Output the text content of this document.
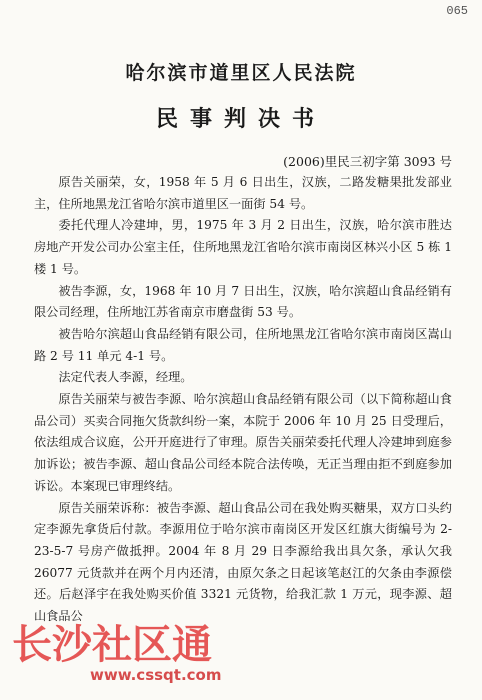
065
哈尔滨市道里区人民法院
民事判决书
(2006)里民三初字第 3093 号

原告关丽荣，女，1958 年 5 月 6 日出生，汉族，二路发糖果批发部业主，住所地黑龙江省哈尔滨市道里区一面街 54 号。

委托代理人冷建坤，男，1975 年 3 月 2 日出生，汉族，哈尔滨市胜达房地产开发公司办公室主任，住所地黑龙江省哈尔滨市南岗区林兴小区 5 栋 1 楼 1 号。

被告李源，女，1968 年 10 月 7 日出生，汉族，哈尔滨超山食品经销有限公司经理，住所地江苏省南京市磨盘街 53 号。

被告哈尔滨超山食品经销有限公司，住所地黑龙江省哈尔滨市南岗区嵩山路 2 号 11 单元 4-1 号。

法定代表人李源，经理。

原告关丽荣与被告李源、哈尔滨超山食品经销有限公司（以下简称超山食品公司）买卖合同拖欠货款纠纷一案，本院于 2006 年 10 月 25 日受理后，依法组成合议庭，公开开庭进行了审理。原告关丽荣委托代理人冷建坤到庭参加诉讼；被告李源、超山食品公司经本院合法传唤，无正当理由拒不到庭参加诉讼。本案现已审理终结。

原告关丽荣诉称：被告李源、超山食品公司在我处购买糖果，双方口头约定李源先拿货后付款。李源用位于哈尔滨市南岗区开发区红旗大街编号为 2-23-5-7 号房产做抵押。2004 年 8 月 29 日李源给我出具欠条，承认欠我 26077 元货款并在两个月内还清，由原欠条之日起该笔赵江的欠条由李源偿还。后赵泽宇在我处购买价值 3321 元货物，给我汇款 1 万元，现李源、超山食品公

长沙社区通
www.cssqt.com
